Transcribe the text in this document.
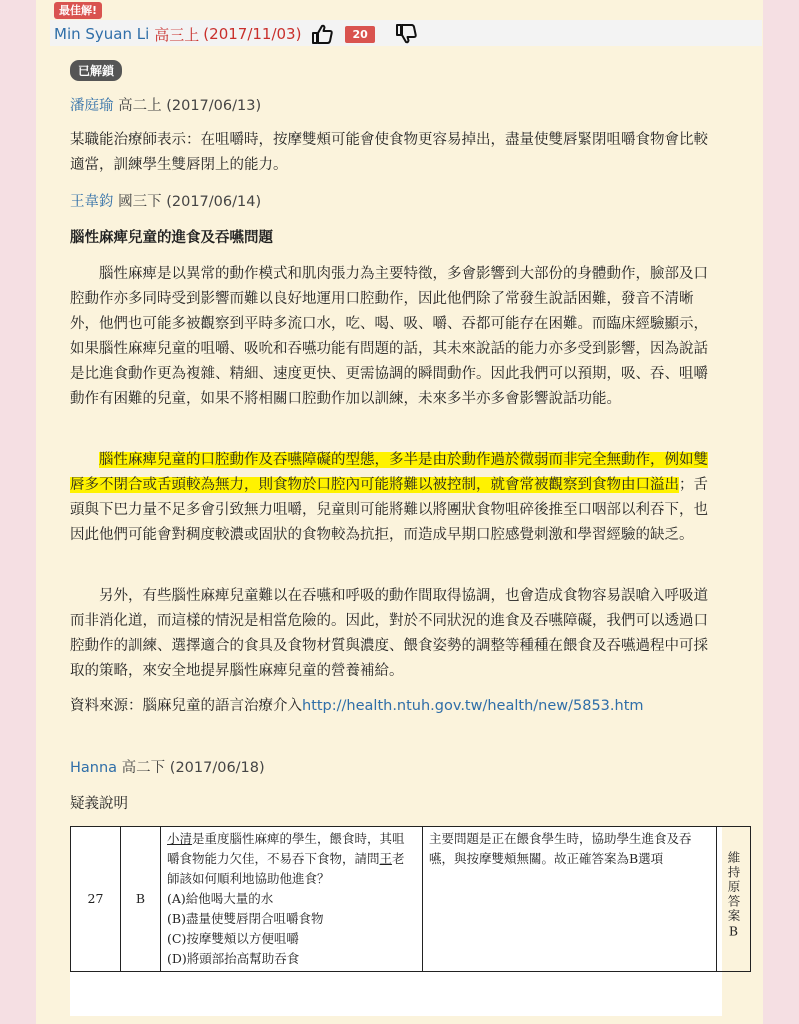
最佳解!
Min Syuan Li 高三上 (2017/11/03)	20
已解鎖
潘庭瑜 高二上 (2017/06/13)
某職能治療師表示：在咀嚼時，按摩雙頰可能會使食物更容易掉出，盡量使雙唇緊閉咀嚼食物會比較適當，訓練學生雙唇閉上的能力。
王韋鈞 國三下 (2017/06/14)
腦性麻痺兒童的進食及吞嚥問題
腦性麻痺是以異常的動作模式和肌肉張力為主要特徵，多會影響到大部份的身體動作，臉部及口腔動作亦多同時受到影響而難以良好地運用口腔動作，因此他們除了常發生說話困難，發音不清晰外，他們也可能多被觀察到平時多流口水，吃、喝、吸、嚼、吞都可能存在困難。而臨床經驗顯示，如果腦性麻痺兒童的咀嚼、吸吮和吞嚥功能有問題的話，其未來說話的能力亦多受到影響，因為說話是比進食動作更為複雜、精細、速度更快、更需協調的瞬間動作。因此我們可以預期，吸、吞、咀嚼動作有困難的兒童，如果不將相關口腔動作加以訓練，未來多半亦多會影響說話功能。
腦性麻痺兒童的口腔動作及吞嚥障礙的型態，多半是由於動作過於微弱而非完全無動作，例如雙唇多不閉合或舌頭較為無力，則食物於口腔內可能將難以被控制，就會常被觀察到食物由口溢出；舌頭與下巴力量不足多會引致無力咀嚼，兒童則可能將難以將團狀食物咀碎後推至口咽部以利吞下，也因此他們可能會對稠度較濃或固狀的食物較為抗拒，而造成早期口腔感覺刺激和學習經驗的缺乏。
另外，有些腦性麻痺兒童難以在吞嚥和呼吸的動作間取得協調，也會造成食物容易誤嗆入呼吸道而非消化道，而這樣的情況是相當危險的。因此，對於不同狀況的進食及吞嚥障礙，我們可以透過口腔動作的訓練、選擇適合的食具及食物材質與濃度、餵食姿勢的調整等種種在餵食及吞嚥過程中可採取的策略，來安全地提昇腦性麻痺兒童的營養補給。
資料來源：腦麻兒童的語言治療介入http://health.ntuh.gov.tw/health/new/5853.htm
Hanna 高二下 (2017/06/18)
疑義說明
27	B	
小清是重度腦性麻痺的學生，餵食時，其咀嚼食物能力欠佳，不易吞下食物，請問王老師該如何順利地協助他進食？
(A)給他喝大量的水
(B)盡量使雙唇閉合咀嚼食物
(C)按摩雙頰以方便咀嚼
(D)將頭部抬高幫助吞食
	主要問題是正在餵食學生時，協助學生進食及吞嚥，與按摩雙頰無關。故正確答案為B選項	維持原答案B
